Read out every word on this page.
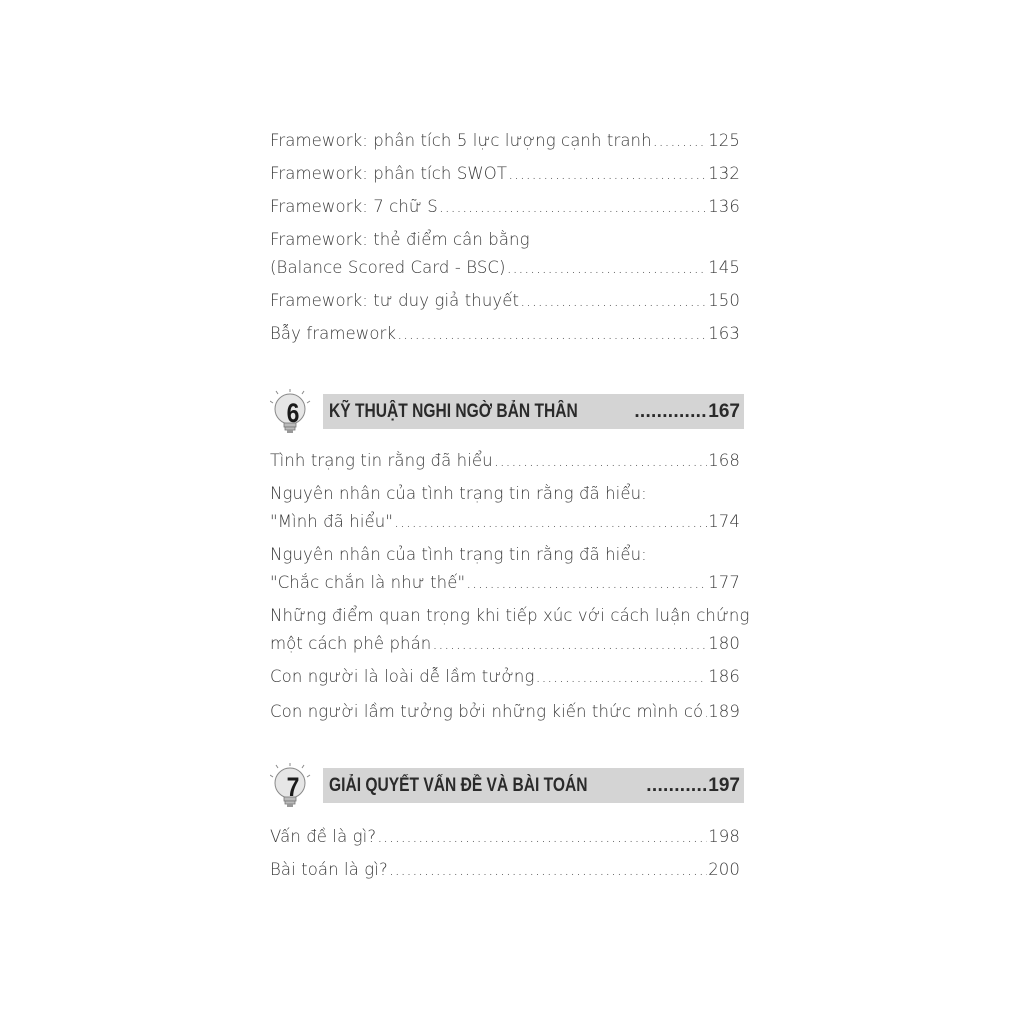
Framework: phân tích 5 lực lượng cạnh tranh .....	125
Framework: phân tích SWOT .....	132
Framework: 7 chữ S .....	136
Framework: thẻ điểm cân bằng
(Balance Scored Card - BSC) .....	145
Framework: tư duy giả thuyết .....	150
Bẫy framework .....	163
6 KỸ THUẬT NGHI NGỜ BẢN THÂN .....	167
Tình trạng tin rằng đã hiểu .....	168
Nguyên nhân của tình trạng tin rằng đã hiểu:
"Mình đã hiểu" .....	174
Nguyên nhân của tình trạng tin rằng đã hiểu:
"Chắc chắn là như thế" .....	177
Những điểm quan trọng khi tiếp xúc với cách luận chứng
một cách phê phán .....	180
Con người là loài dễ lầm tưởng .....	186
Con người lầm tưởng bởi những kiến thức mình có ..... 189
7 GIẢI QUYẾT VẤN ĐỀ VÀ BÀI TOÁN .....	197
Vấn đề là gì? .....	198
Bài toán là gì? .....	200
